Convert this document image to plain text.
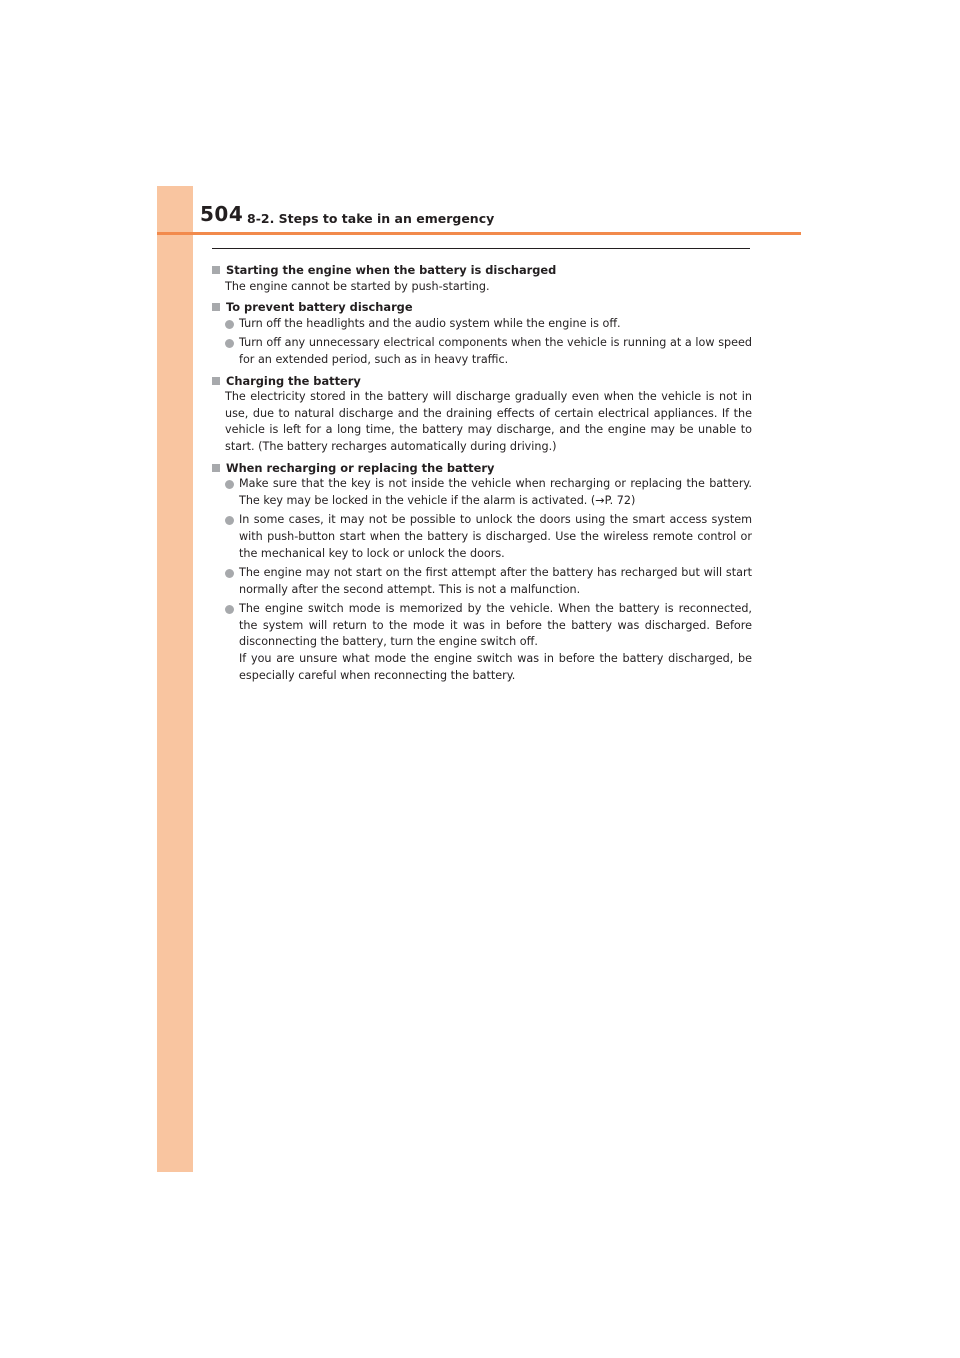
504 8-2. Steps to take in an emergency
Starting the engine when the battery is discharged
The engine cannot be started by push-starting.
To prevent battery discharge
Turn off the headlights and the audio system while the engine is off.
Turn off any unnecessary electrical components when the vehicle is running at a low speed for an extended period, such as in heavy traffic.
Charging the battery
The electricity stored in the battery will discharge gradually even when the vehicle is not in use, due to natural discharge and the draining effects of certain electrical appliances. If the vehicle is left for a long time, the battery may discharge, and the engine may be unable to start. (The battery recharges automatically during driving.)
When recharging or replacing the battery
Make sure that the key is not inside the vehicle when recharging or replacing the battery. The key may be locked in the vehicle if the alarm is activated. (→P. 72)
In some cases, it may not be possible to unlock the doors using the smart access system with push-button start when the battery is discharged. Use the wireless remote control or the mechanical key to lock or unlock the doors.
The engine may not start on the first attempt after the battery has recharged but will start normally after the second attempt. This is not a malfunction.
The engine switch mode is memorized by the vehicle. When the battery is reconnected, the system will return to the mode it was in before the battery was discharged. Before disconnecting the battery, turn the engine switch off.
If you are unsure what mode the engine switch was in before the battery discharged, be especially careful when reconnecting the battery.
